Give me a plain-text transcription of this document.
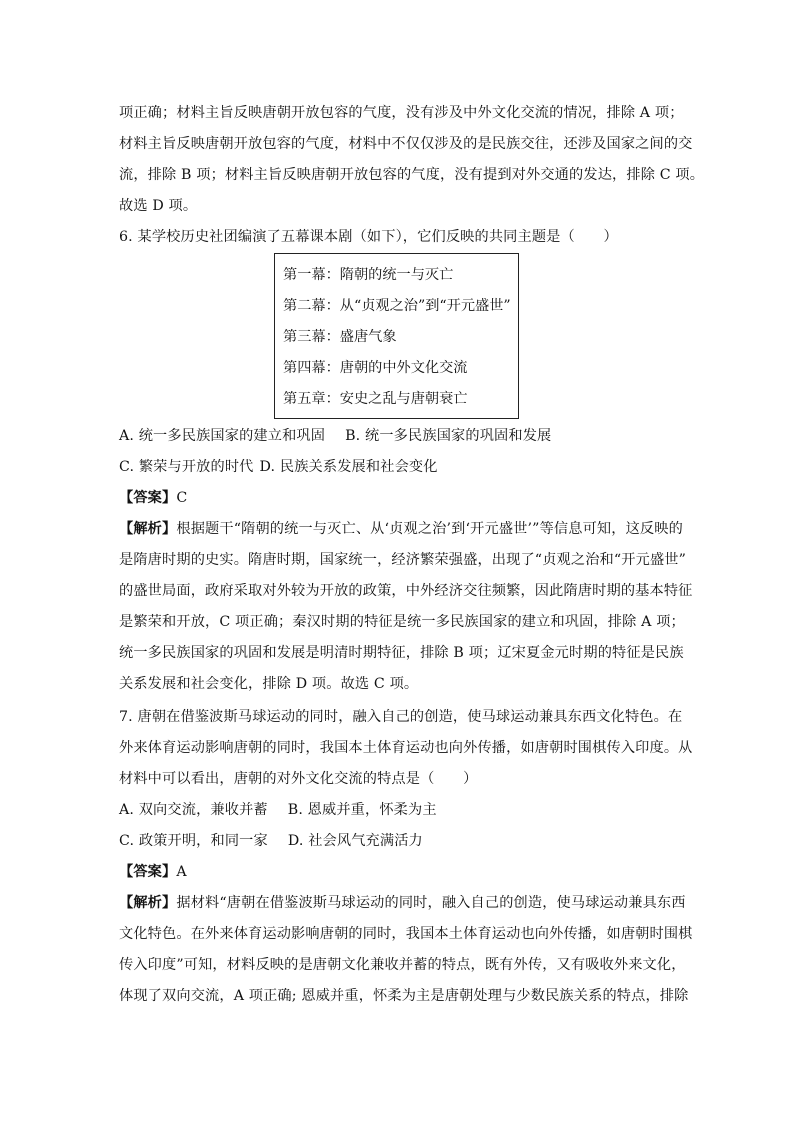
项正确；材料主旨反映唐朝开放包容的气度，没有涉及中外文化交流的情况，排除 A 项；
材料主旨反映唐朝开放包容的气度，材料中不仅仅涉及的是民族交往，还涉及国家之间的交
流，排除 B 项；材料主旨反映唐朝开放包容的气度，没有提到对外交通的发达，排除 C 项。
故选 D 项。
6. 某学校历史社团编演了五幕课本剧（如下），它们反映的共同主题是（　　）
第一幕：隋朝的统一与灭亡
第二幕：从“贞观之治”到“开元盛世”
第三幕：盛唐气象
第四幕：唐朝的中外文化交流
第五章：安史之乱与唐朝衰亡
A. 统一多民族国家的建立和巩固 B. 统一多民族国家的巩固和发展
C. 繁荣与开放的时代 D. 民族关系发展和社会变化
【答案】C
【解析】根据题干“隋朝的统一与灭亡、从‘贞观之治’到‘开元盛世’”等信息可知，这反映的
是隋唐时期的史实。隋唐时期，国家统一，经济繁荣强盛，出现了“贞观之治和“开元盛世”
的盛世局面，政府采取对外较为开放的政策，中外经济交往频繁，因此隋唐时期的基本特征
是繁荣和开放，C 项正确；秦汉时期的特征是统一多民族国家的建立和巩固，排除 A 项；
统一多民族国家的巩固和发展是明清时期特征，排除 B 项；辽宋夏金元时期的特征是民族
关系发展和社会变化，排除 D 项。故选 C 项。
7. 唐朝在借鉴波斯马球运动的同时，融入自己的创造，使马球运动兼具东西文化特色。在
外来体育运动影响唐朝的同时，我国本土体育运动也向外传播，如唐朝时围棋传入印度。从
材料中可以看出，唐朝的对外文化交流的特点是（　　）
A. 双向交流，兼收并蓄 B. 恩威并重，怀柔为主
C. 政策开明，和同一家 D. 社会风气充满活力
【答案】A
【解析】据材料“唐朝在借鉴波斯马球运动的同时，融入自己的创造，使马球运动兼具东西
文化特色。在外来体育运动影响唐朝的同时，我国本土体育运动也向外传播，如唐朝时围棋
传入印度”可知，材料反映的是唐朝文化兼收并蓄的特点，既有外传，又有吸收外来文化，
体现了双向交流，A 项正确; 恩威并重，怀柔为主是唐朝处理与少数民族关系的特点，排除
